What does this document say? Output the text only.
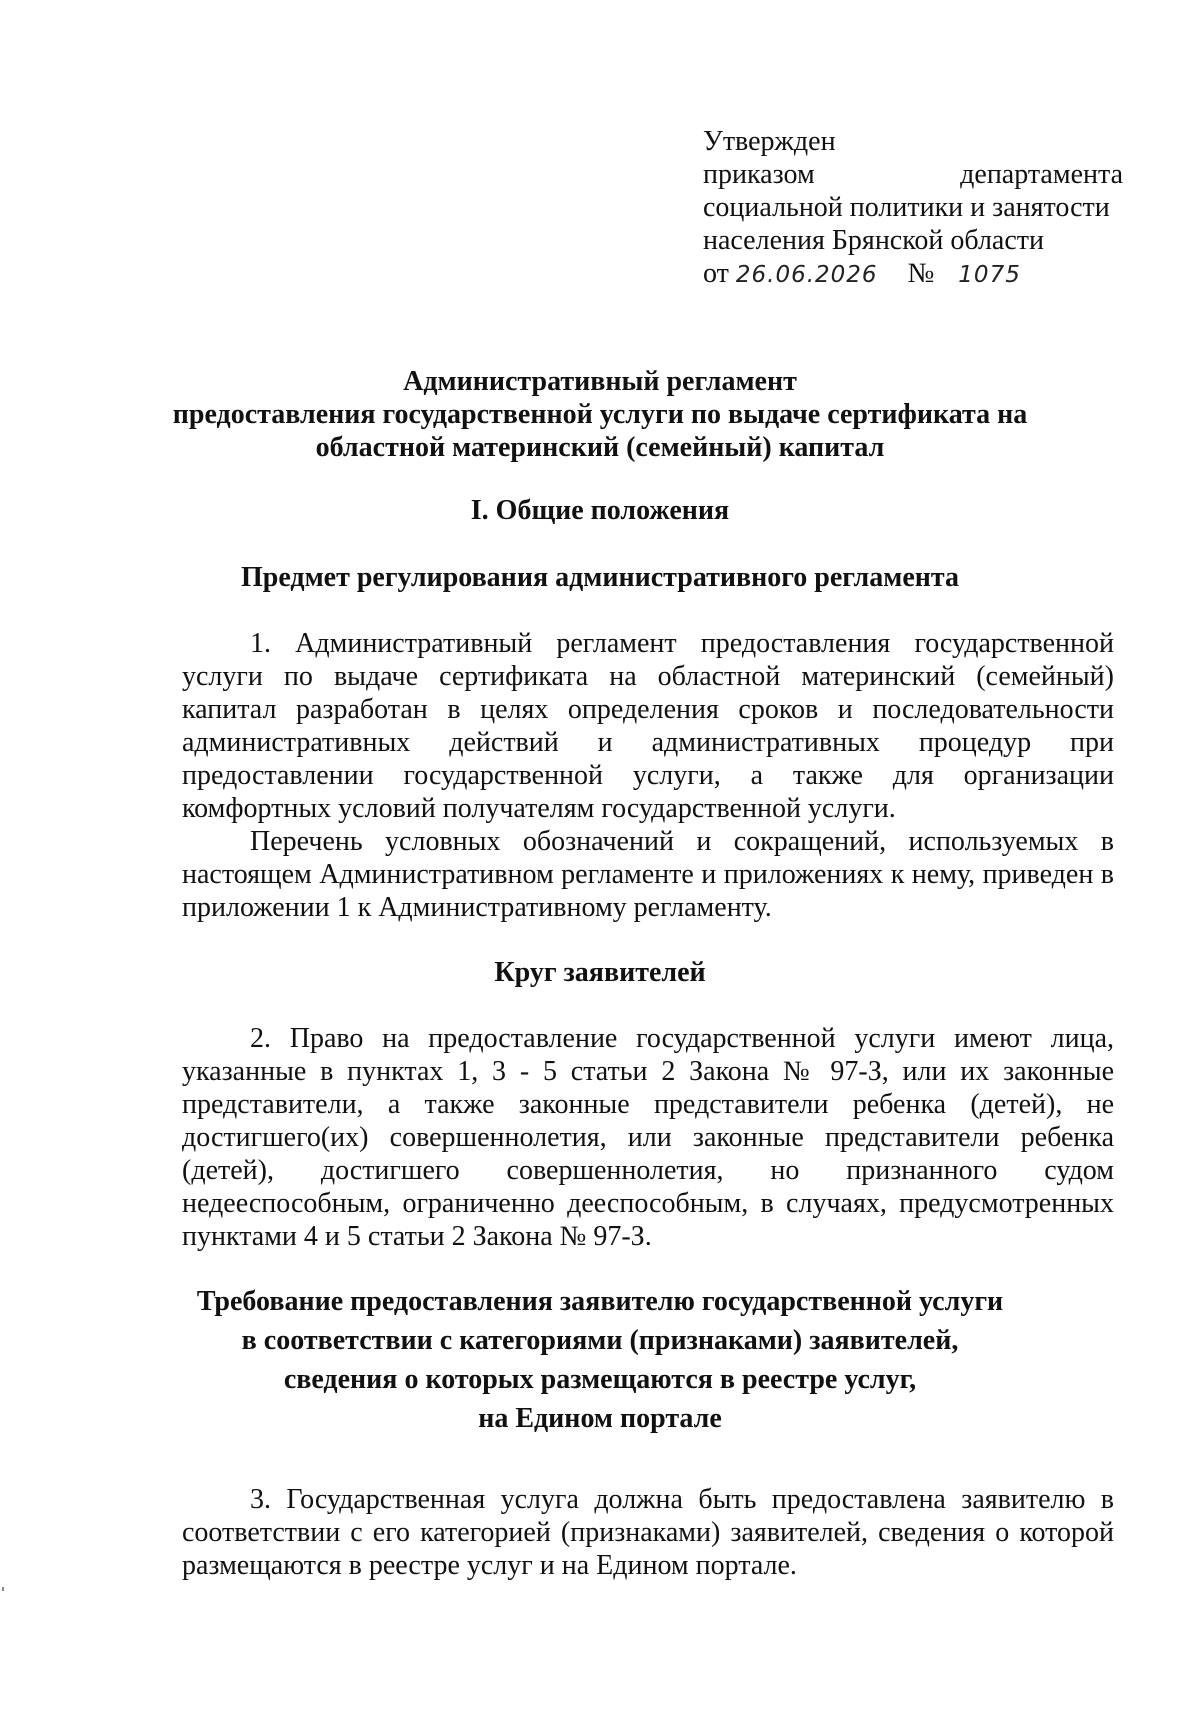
Утвержден
приказом	департамента
социальной политики и занятости
населения Брянской области
от 26.06.2026 № 1075
Административный регламент
предоставления государственной услуги по выдаче сертификата на
областной материнский (семейный) капитал
I. Общие положения
Предмет регулирования административного регламента

1. Административный регламент предоставления государственной услуги по выдаче сертификата на областной материнский (семейный) капитал разработан в целях определения сроков и последовательности административных действий и административных процедур при предоставлении государственной услуги, а также для организации комфортных условий получателям государственной услуги.

Перечень условных обозначений и сокращений, используемых в настоящем Административном регламенте и приложениях к нему, приведен в приложении 1 к Административному регламенту.

Круг заявителей

2. Право на предоставление государственной услуги имеют лица, указанные в пунктах 1, 3 - 5 статьи 2 Закона № 97-З, или их законные представители, а также законные представители ребенка (детей), не достигшего(их) совершеннолетия, или законные представители ребенка (детей), достигшего совершеннолетия, но признанного судом недееспособным, ограниченно дееспособным, в случаях, предусмотренных пунктами 4 и 5 статьи 2 Закона № 97-З.

Требование предоставления заявителю государственной услуги
в соответствии с категориями (признаками) заявителей,
сведения о которых размещаются в реестре услуг,
на Едином портале

3. Государственная услуга должна быть предоставлена заявителю в соответствии с его категорией (признаками) заявителей, сведения о которой размещаются в реестре услуг и на Едином портале.
